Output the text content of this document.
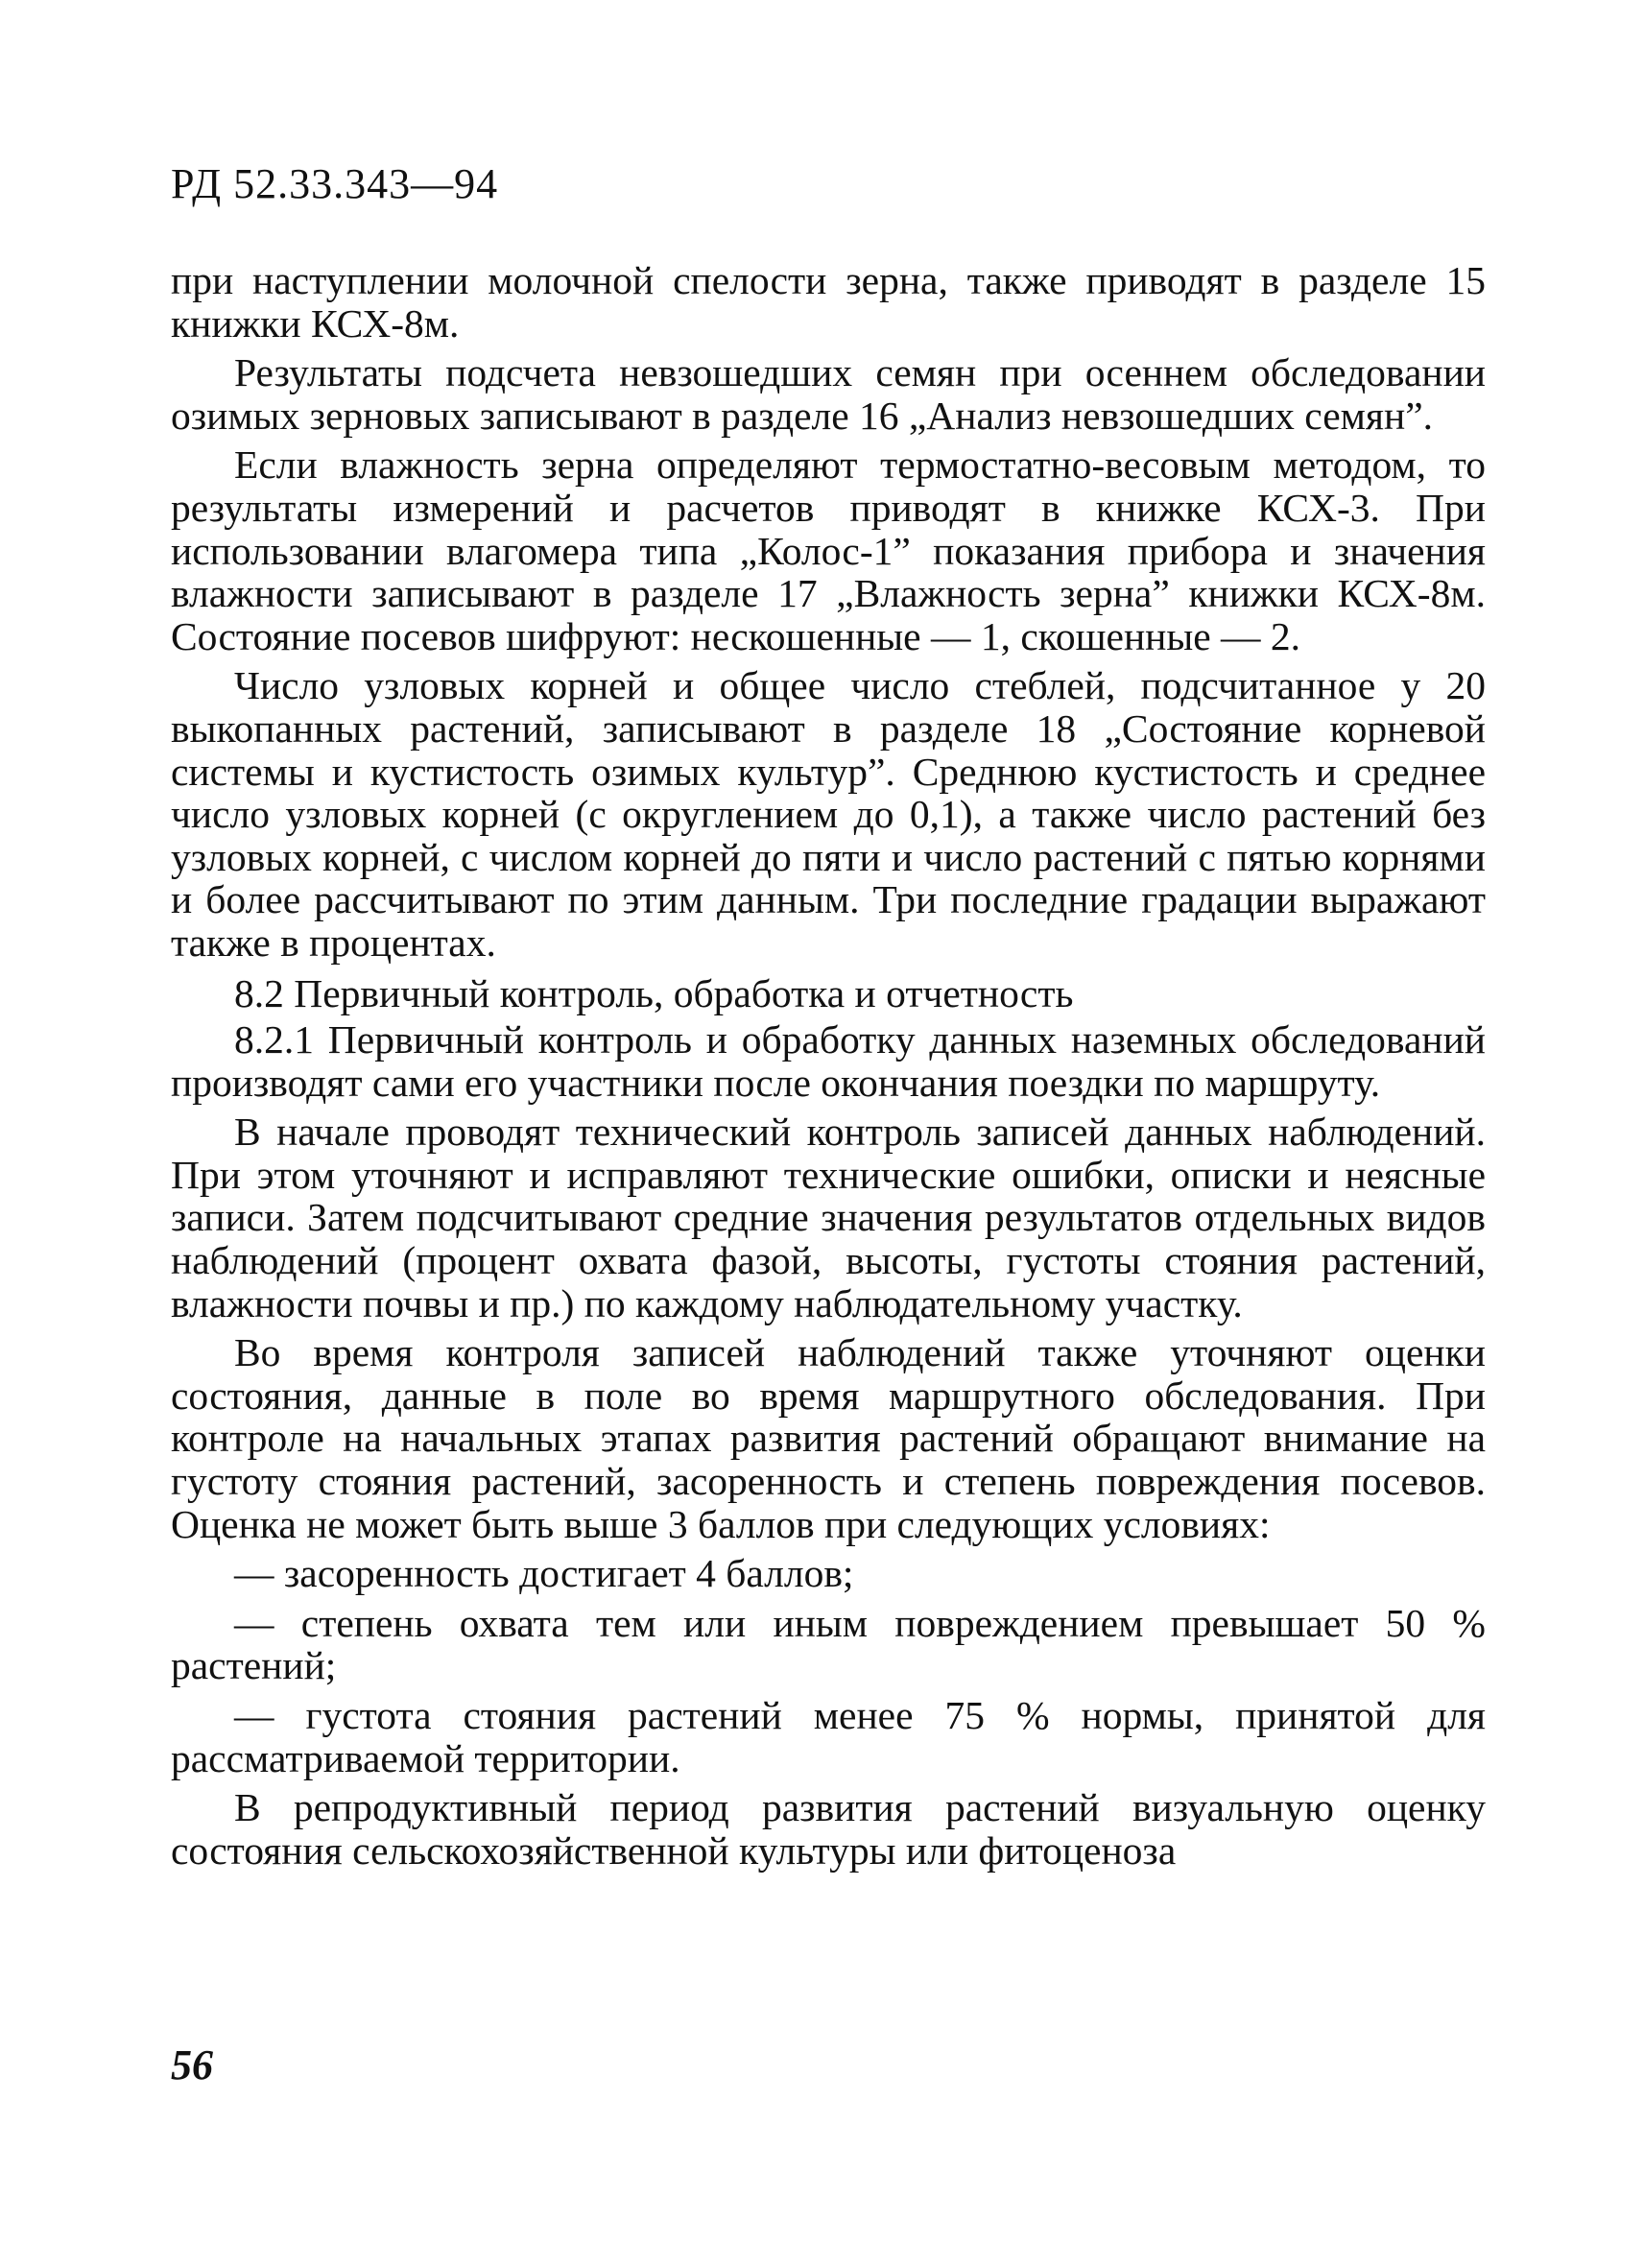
РД 52.33.343—94

при наступлении молочной спелости зерна, также приводят в разделе 15 книжки КСХ-8м.

Результаты подсчета невзошедших семян при осеннем обследовании озимых зерновых записывают в разделе 16 „Анализ невзошедших семян”.

Если влажность зерна определяют термостатно-весовым методом, то результаты измерений и расчетов приводят в книжке КСХ-3. При использовании влагомера типа „Колос-1” показания прибора и значения влажности записывают в разделе 17 „Влажность зерна” книжки КСХ-8м. Состояние посевов шифруют: нескошенные — 1, скошенные — 2.

Число узловых корней и общее число стеблей, подсчитанное у 20 выкопанных растений, записывают в разделе 18 „Состояние корневой системы и кустистость озимых культур”. Среднюю кустистость и среднее число узловых корней (с округлением до 0,1), а также число растений без узловых корней, с числом корней до пяти и число растений с пятью корнями и более рассчитывают по этим данным. Три последние градации выражают также в процентах.

8.2 Первичный контроль, обработка и отчетность

8.2.1 Первичный контроль и обработку данных наземных обследований производят сами его участники после окончания поездки по маршруту.

В начале проводят технический контроль записей данных наблюдений. При этом уточняют и исправляют технические ошибки, описки и неясные записи. Затем подсчитывают средние значения результатов отдельных видов наблюдений (процент охвата фазой, высоты, густоты стояния растений, влажности почвы и пр.) по каждому наблюдательному участку.

Во время контроля записей наблюдений также уточняют оценки состояния, данные в поле во время маршрутного обследования. При контроле на начальных этапах развития растений обращают внимание на густоту стояния растений, засоренность и степень повреждения посевов. Оценка не может быть выше 3 баллов при следующих условиях:

— засоренность достигает 4 баллов;

— степень охвата тем или иным повреждением превышает 50 % растений;

— густота стояния растений менее 75 % нормы, принятой для рассматриваемой территории.

В репродуктивный период развития растений визуальную оценку состояния сельскохозяйственной культуры или фитоценоза

56
